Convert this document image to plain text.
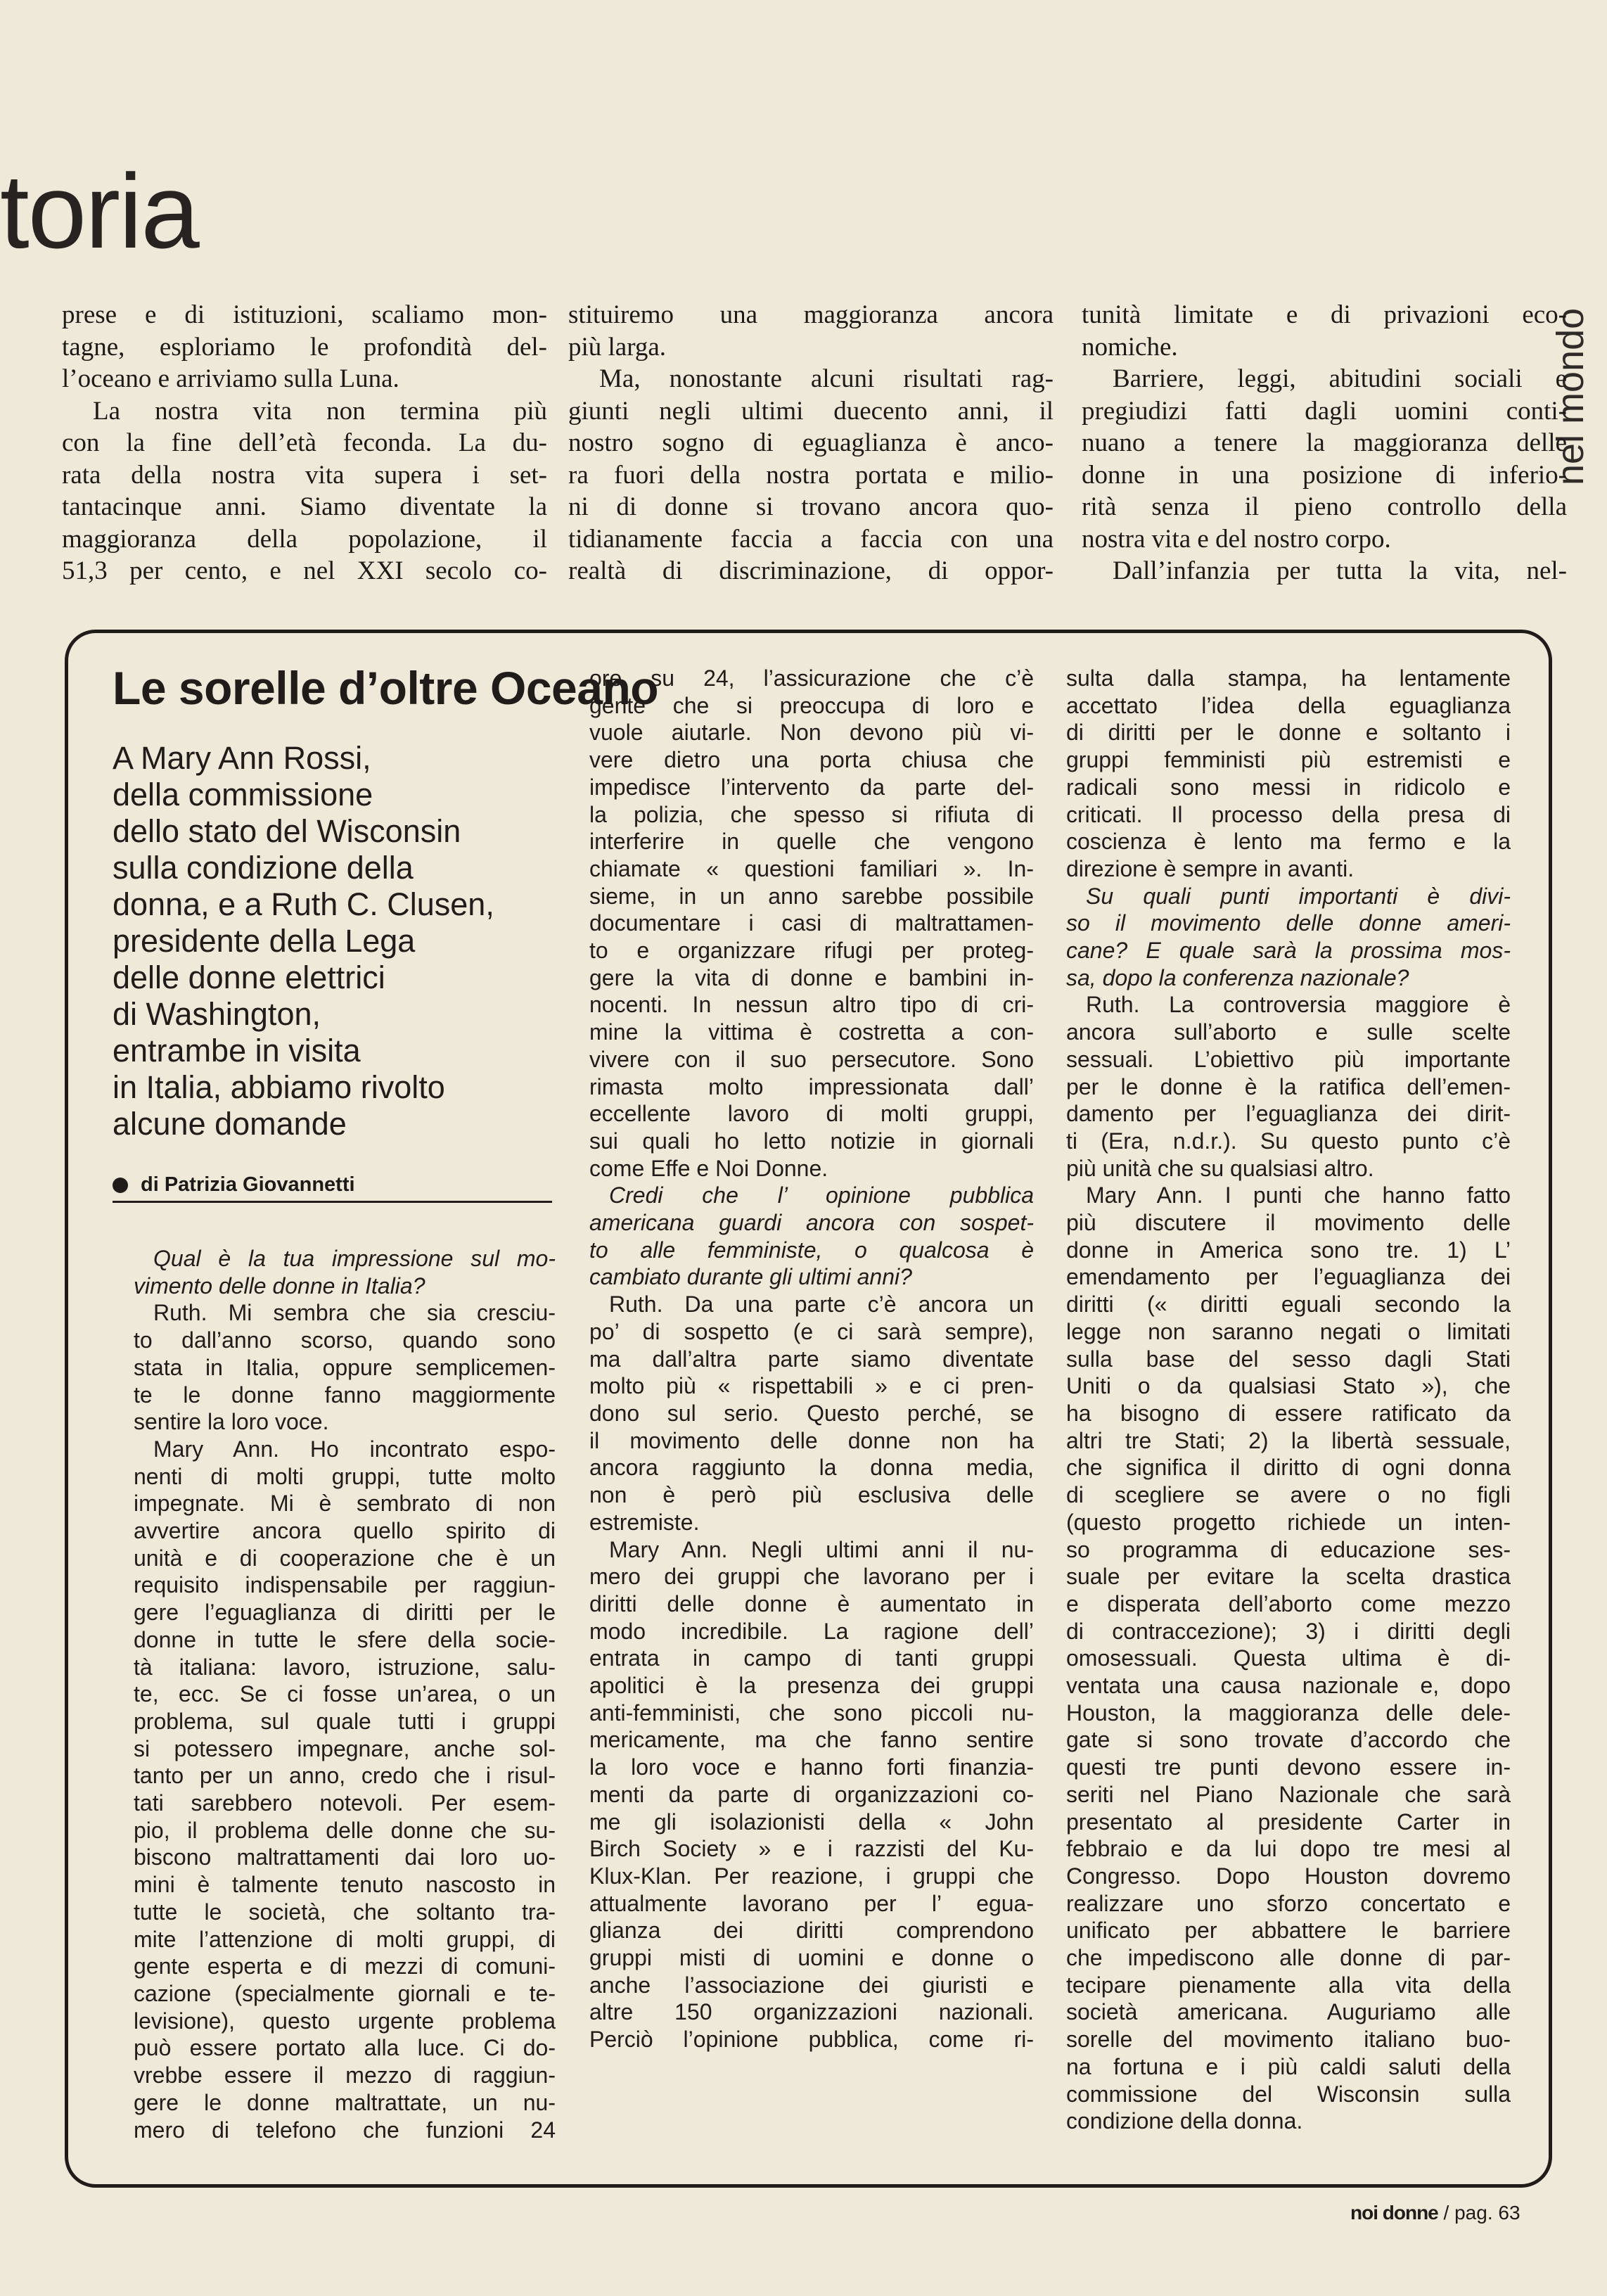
toria
nel mondo
prese e di istituzioni, scaliamo mon-
tagne, esploriamo le profondità del-
l’oceano e arriviamo sulla Luna.
La nostra vita non termina più
con la fine dell’età feconda. La du-
rata della nostra vita supera i set-
tantacinque anni. Siamo diventate la
maggioranza della popolazione, il
51,3 per cento, e nel XXI secolo co-
stituiremo una maggioranza ancora
più larga.
Ma, nonostante alcuni risultati rag-
giunti negli ultimi duecento anni, il
nostro sogno di eguaglianza è anco-
ra fuori della nostra portata e milio-
ni di donne si trovano ancora quo-
tidianamente faccia a faccia con una
realtà di discriminazione, di oppor-
tunità limitate e di privazioni eco-
nomiche.
Barriere, leggi, abitudini sociali e
pregiudizi fatti dagli uomini conti-
nuano a tenere la maggioranza delle
donne in una posizione di inferio-
rità senza il pieno controllo della
nostra vita e del nostro corpo.
Dall’infanzia per tutta la vita, nel-
Le sorelle d’oltre Oceano
A Mary Ann Rossi,
della commissione
dello stato del Wisconsin
sulla condizione della
donna, e a Ruth C. Clusen,
presidente della Lega
delle donne elettrici
di Washington,
entrambe in visita
in Italia, abbiamo rivolto
alcune domande
di Patrizia Giovannetti
Qual è la tua impressione sul mo-
vimento delle donne in Italia?
Ruth. Mi sembra che sia cresciu-
to dall’anno scorso, quando sono
stata in Italia, oppure semplicemen-
te le donne fanno maggiormente
sentire la loro voce.
Mary Ann. Ho incontrato espo-
nenti di molti gruppi, tutte molto
impegnate. Mi è sembrato di non
avvertire ancora quello spirito di
unità e di cooperazione che è un
requisito indispensabile per raggiun-
gere l’eguaglianza di diritti per le
donne in tutte le sfere della socie-
tà italiana: lavoro, istruzione, salu-
te, ecc. Se ci fosse un’area, o un
problema, sul quale tutti i gruppi
si potessero impegnare, anche sol-
tanto per un anno, credo che i risul-
tati sarebbero notevoli. Per esem-
pio, il problema delle donne che su-
biscono maltrattamenti dai loro uo-
mini è talmente tenuto nascosto in
tutte le società, che soltanto tra-
mite l’attenzione di molti gruppi, di
gente esperta e di mezzi di comuni-
cazione (specialmente giornali e te-
levisione), questo urgente problema
può essere portato alla luce. Ci do-
vrebbe essere il mezzo di raggiun-
gere le donne maltrattate, un nu-
mero di telefono che funzioni 24
ore su 24, l’assicurazione che c’è
gente che si preoccupa di loro e
vuole aiutarle. Non devono più vi-
vere dietro una porta chiusa che
impedisce l’intervento da parte del-
la polizia, che spesso si rifiuta di
interferire in quelle che vengono
chiamate « questioni familiari ». In-
sieme, in un anno sarebbe possibile
documentare i casi di maltrattamen-
to e organizzare rifugi per proteg-
gere la vita di donne e bambini in-
nocenti. In nessun altro tipo di cri-
mine la vittima è costretta a con-
vivere con il suo persecutore. Sono
rimasta molto impressionata dall’
eccellente lavoro di molti gruppi,
sui quali ho letto notizie in giornali
come Effe e Noi Donne.
Credi che l’ opinione pubblica
americana guardi ancora con sospet-
to alle femministe, o qualcosa è
cambiato durante gli ultimi anni?
Ruth. Da una parte c’è ancora un
po’ di sospetto (e ci sarà sempre),
ma dall’altra parte siamo diventate
molto più « rispettabili » e ci pren-
dono sul serio. Questo perché, se
il movimento delle donne non ha
ancora raggiunto la donna media,
non è però più esclusiva delle
estremiste.
Mary Ann. Negli ultimi anni il nu-
mero dei gruppi che lavorano per i
diritti delle donne è aumentato in
modo incredibile. La ragione dell’
entrata in campo di tanti gruppi
apolitici è la presenza dei gruppi
anti-femministi, che sono piccoli nu-
mericamente, ma che fanno sentire
la loro voce e hanno forti finanzia-
menti da parte di organizzazioni co-
me gli isolazionisti della « John
Birch Society » e i razzisti del Ku-
Klux-Klan. Per reazione, i gruppi che
attualmente lavorano per l’ egua-
glianza dei diritti comprendono
gruppi misti di uomini e donne o
anche l’associazione dei giuristi e
altre 150 organizzazioni nazionali.
Perciò l’opinione pubblica, come ri-
sulta dalla stampa, ha lentamente
accettato l’idea della eguaglianza
di diritti per le donne e soltanto i
gruppi femministi più estremisti e
radicali sono messi in ridicolo e
criticati. Il processo della presa di
coscienza è lento ma fermo e la
direzione è sempre in avanti.
Su quali punti importanti è divi-
so il movimento delle donne ameri-
cane? E quale sarà la prossima mos-
sa, dopo la conferenza nazionale?
Ruth. La controversia maggiore è
ancora sull’aborto e sulle scelte
sessuali. L’obiettivo più importante
per le donne è la ratifica dell’emen-
damento per l’eguaglianza dei dirit-
ti (Era, n.d.r.). Su questo punto c’è
più unità che su qualsiasi altro.
Mary Ann. I punti che hanno fatto
più discutere il movimento delle
donne in America sono tre. 1) L’
emendamento per l’eguaglianza dei
diritti (« diritti eguali secondo la
legge non saranno negati o limitati
sulla base del sesso dagli Stati
Uniti o da qualsiasi Stato »), che
ha bisogno di essere ratificato da
altri tre Stati; 2) la libertà sessuale,
che significa il diritto di ogni donna
di scegliere se avere o no figli
(questo progetto richiede un inten-
so programma di educazione ses-
suale per evitare la scelta drastica
e disperata dell’aborto come mezzo
di contraccezione); 3) i diritti degli
omosessuali. Questa ultima è di-
ventata una causa nazionale e, dopo
Houston, la maggioranza delle dele-
gate si sono trovate d’accordo che
questi tre punti devono essere in-
seriti nel Piano Nazionale che sarà
presentato al presidente Carter in
febbraio e da lui dopo tre mesi al
Congresso. Dopo Houston dovremo
realizzare uno sforzo concertato e
unificato per abbattere le barriere
che impediscono alle donne di par-
tecipare pienamente alla vita della
società americana. Auguriamo alle
sorelle del movimento italiano buo-
na fortuna e i più caldi saluti della
commissione del Wisconsin sulla
condizione della donna.
noi donne / pag. 63
